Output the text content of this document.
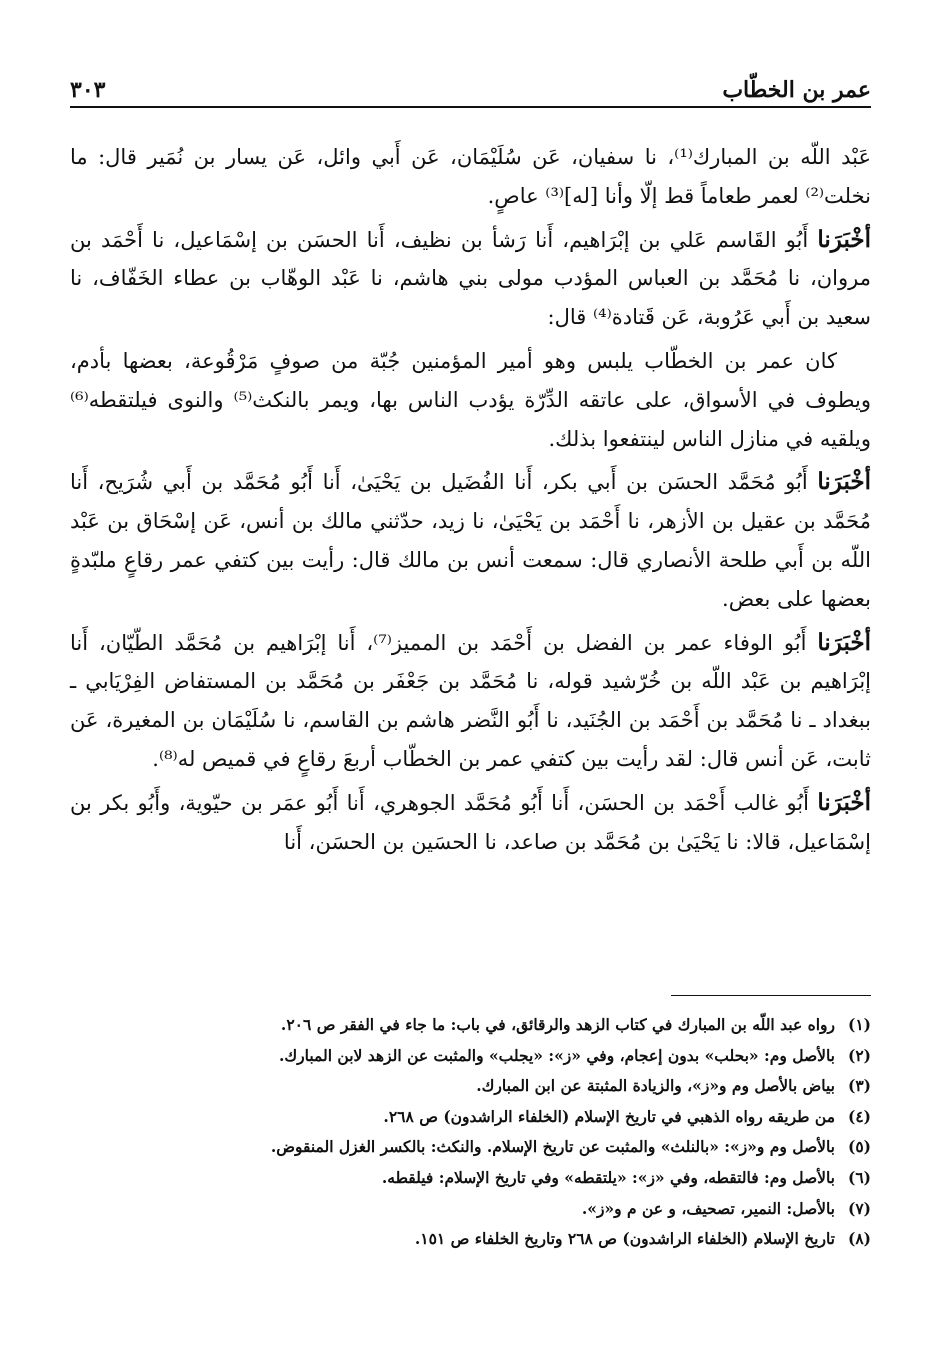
عمر بن الخطّاب
٣٠٣

عَبْد اللّه بن المبارك⁽¹⁾، نا سفيان، عَن سُلَيْمَان، عَن أَبي وائل، عَن يسار بن نُمَير قال: ما نخلت⁽²⁾ لعمر طعاماً قط إلّا وأنا [له]⁽³⁾ عاصٍ.

أخْبَرَنا أَبُو القَاسم عَلي بن إبْرَاهيم، أَنا رَشأ بن نظيف، أَنا الحسَن بن إسْمَاعيل، نا أَحْمَد بن مروان، نا مُحَمَّد بن العباس المؤدب مولى بني هاشم، نا عَبْد الوهّاب بن عطاء الخَفّاف، نا سعيد بن أَبي عَرُوبة، عَن قَتادة⁽⁴⁾ قال:

كان عمر بن الخطّاب يلبس وهو أمير المؤمنين جُبّة من صوفٍ مَرْقُوعة، بعضها بأدم، ويطوف في الأسواق، على عاتقه الدِّرّة يؤدب الناس بها، ويمر بالنكث⁽⁵⁾ والنوى فيلتقطه⁽⁶⁾ ويلقيه في منازل الناس لينتفعوا بذلك.

أخْبَرَنا أَبُو مُحَمَّد الحسَن بن أَبي بكر، أَنا الفُضَيل بن يَحْيَىٰ، أَنا أَبُو مُحَمَّد بن أَبي شُرَيح، أَنا مُحَمَّد بن عقيل بن الأزهر، نا أَحْمَد بن يَحْيَىٰ، نا زيد، حدّثني مالك بن أنس، عَن إسْحَاق بن عَبْد اللّه بن أَبي طلحة الأنصاري قال: سمعت أنس بن مالك قال: رأيت بين كتفي عمر رقاعٍ ملبّدةٍ بعضها على بعض.

أخْبَرَنا أَبُو الوفاء عمر بن الفضل بن أَحْمَد بن المميز⁽⁷⁾، أَنا إبْرَاهيم بن مُحَمَّد الطّيّان، أَنا إبْرَاهيم بن عَبْد اللّه بن خُرّشيد قوله، نا مُحَمَّد بن جَعْفَر بن مُحَمَّد بن المستفاض الفِرْيَابي ـ ببغداد ـ نا مُحَمَّد بن أَحْمَد بن الجُنَيد، نا أَبُو النَّضر هاشم بن القاسم، نا سُلَيْمَان بن المغيرة، عَن ثابت، عَن أنس قال: لقد رأيت بين كتفي عمر بن الخطّاب أربعَ رقاعٍ في قميص له⁽⁸⁾.

أخْبَرَنا أَبُو غالب أَحْمَد بن الحسَن، أَنا أَبُو مُحَمَّد الجوهري، أَنا أَبُو عمَر بن حيّوية، وأَبُو بكر بن إسْمَاعيل، قالا: نا يَحْيَىٰ بن مُحَمَّد بن صاعد، نا الحسَين بن الحسَن، أَنا

(١)
رواه عبد اللّه بن المبارك في كتاب الزهد والرقائق، في باب: ما جاء في الفقر ص ٢٠٦.
(٢)
بالأصل وم: «بحلب» بدون إعجام، وفي «ز»: «يجلب» والمثبت عن الزهد لابن المبارك.
(٣)
بياض بالأصل وم و«ز»، والزيادة المثبتة عن ابن المبارك.
(٤)
من طريقه رواه الذهبي في تاريخ الإسلام (الخلفاء الراشدون) ص ٢٦٨.
(٥)
بالأصل وم و«ز»: «بالنلث» والمثبت عن تاريخ الإسلام. والنكث: بالكسر الغزل المنقوض.
(٦)
بالأصل وم: فالتقطه، وفي «ز»: «يلتقطه» وفي تاريخ الإسلام: فيلقطه.
(٧)
بالأصل: النمير، تصحيف، و عن م و«ز».
(٨)
تاريخ الإسلام (الخلفاء الراشدون) ص ٢٦٨ وتاريخ الخلفاء ص ١٥١.
